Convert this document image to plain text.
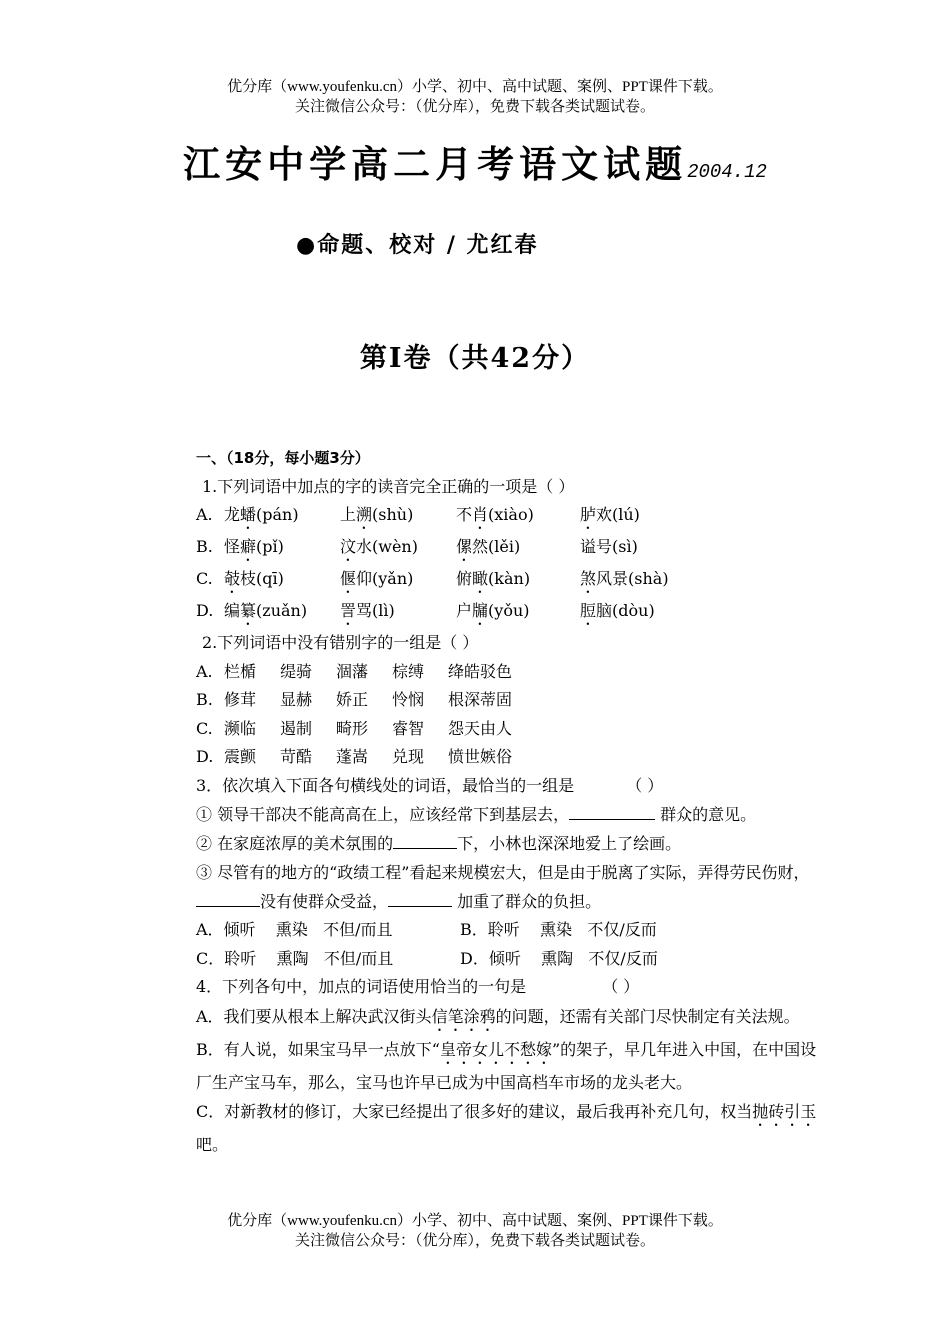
优分库（www.youfenku.cn）小学、初中、高中试题、案例、PPT课件下载。
关注微信公众号：（优分库），免费下载各类试题试卷。
江安中学高二月考语文试题2004.12
●命题、校对 / 尤红春
第Ⅰ卷（共42分）
一、（18分，每小题3分）
1.下列词语中加点的字的读音完全正确的一项是（ ）
A. 龙蟠(pán)	上溯(shù)	不肖(xiào)	胪欢(lú)
B. 怪癖(pǐ)	汶水(wèn) 傫然(lěi)	谥号(sì)
C. 攲枝(qī)	偃仰(yǎn)	俯瞰(kàn)	煞风景(shà)
D. 编纂(zuǎn) 詈骂(lì)	户牖(yǒu)	脰脑(dòu)
2.下列词语中没有错别字的一组是（ ）
A. 栏楯 缇骑 涸藩 棕缚 绛皓驳色
B. 修茸 显赫 娇正 怜悯 根深蒂固
C. 濒临 遏制 畸形 睿智 怨天由人
D. 震颤 苛酷 蓬嵩 兑现 愤世嫉俗
3．依次填入下面各句横线处的词语，最恰当的一组是	（ ）
① 领导干部决不能高高在上，应该经常下到基层去，	群众的意见。
② 在家庭浓厚的美术氛围的	下，小林也深深地爱上了绘画。
③ 尽管有的地方的“政绩工程”看起来规模宏大，但是由于脱离了实际，弄得劳民伤财，没有使群众受益，	加重了群众的负担。
A．倾听    熏染   不但/而且	B．聆听    熏染   不仅/反而
C．聆听    熏陶   不但/而且	D．倾听    熏陶   不仅/反而
4．下列各句中，加点的词语使用恰当的一句是	（ ）
A．我们要从根本上解决武汉街头信笔涂鸦的问题，还需有关部门尽快制定有关法规。
B．有人说，如果宝马早一点放下“皇帝女儿不愁嫁”的架子，早几年进入中国，在中国设厂生产宝马车，那么，宝马也许早已成为中国高档车市场的龙头老大。
C．对新教材的修订，大家已经提出了很多好的建议，最后我再补充几句，权当抛砖引玉吧。
优分库（www.youfenku.cn）小学、初中、高中试题、案例、PPT课件下载。
关注微信公众号：（优分库），免费下载各类试题试卷。
